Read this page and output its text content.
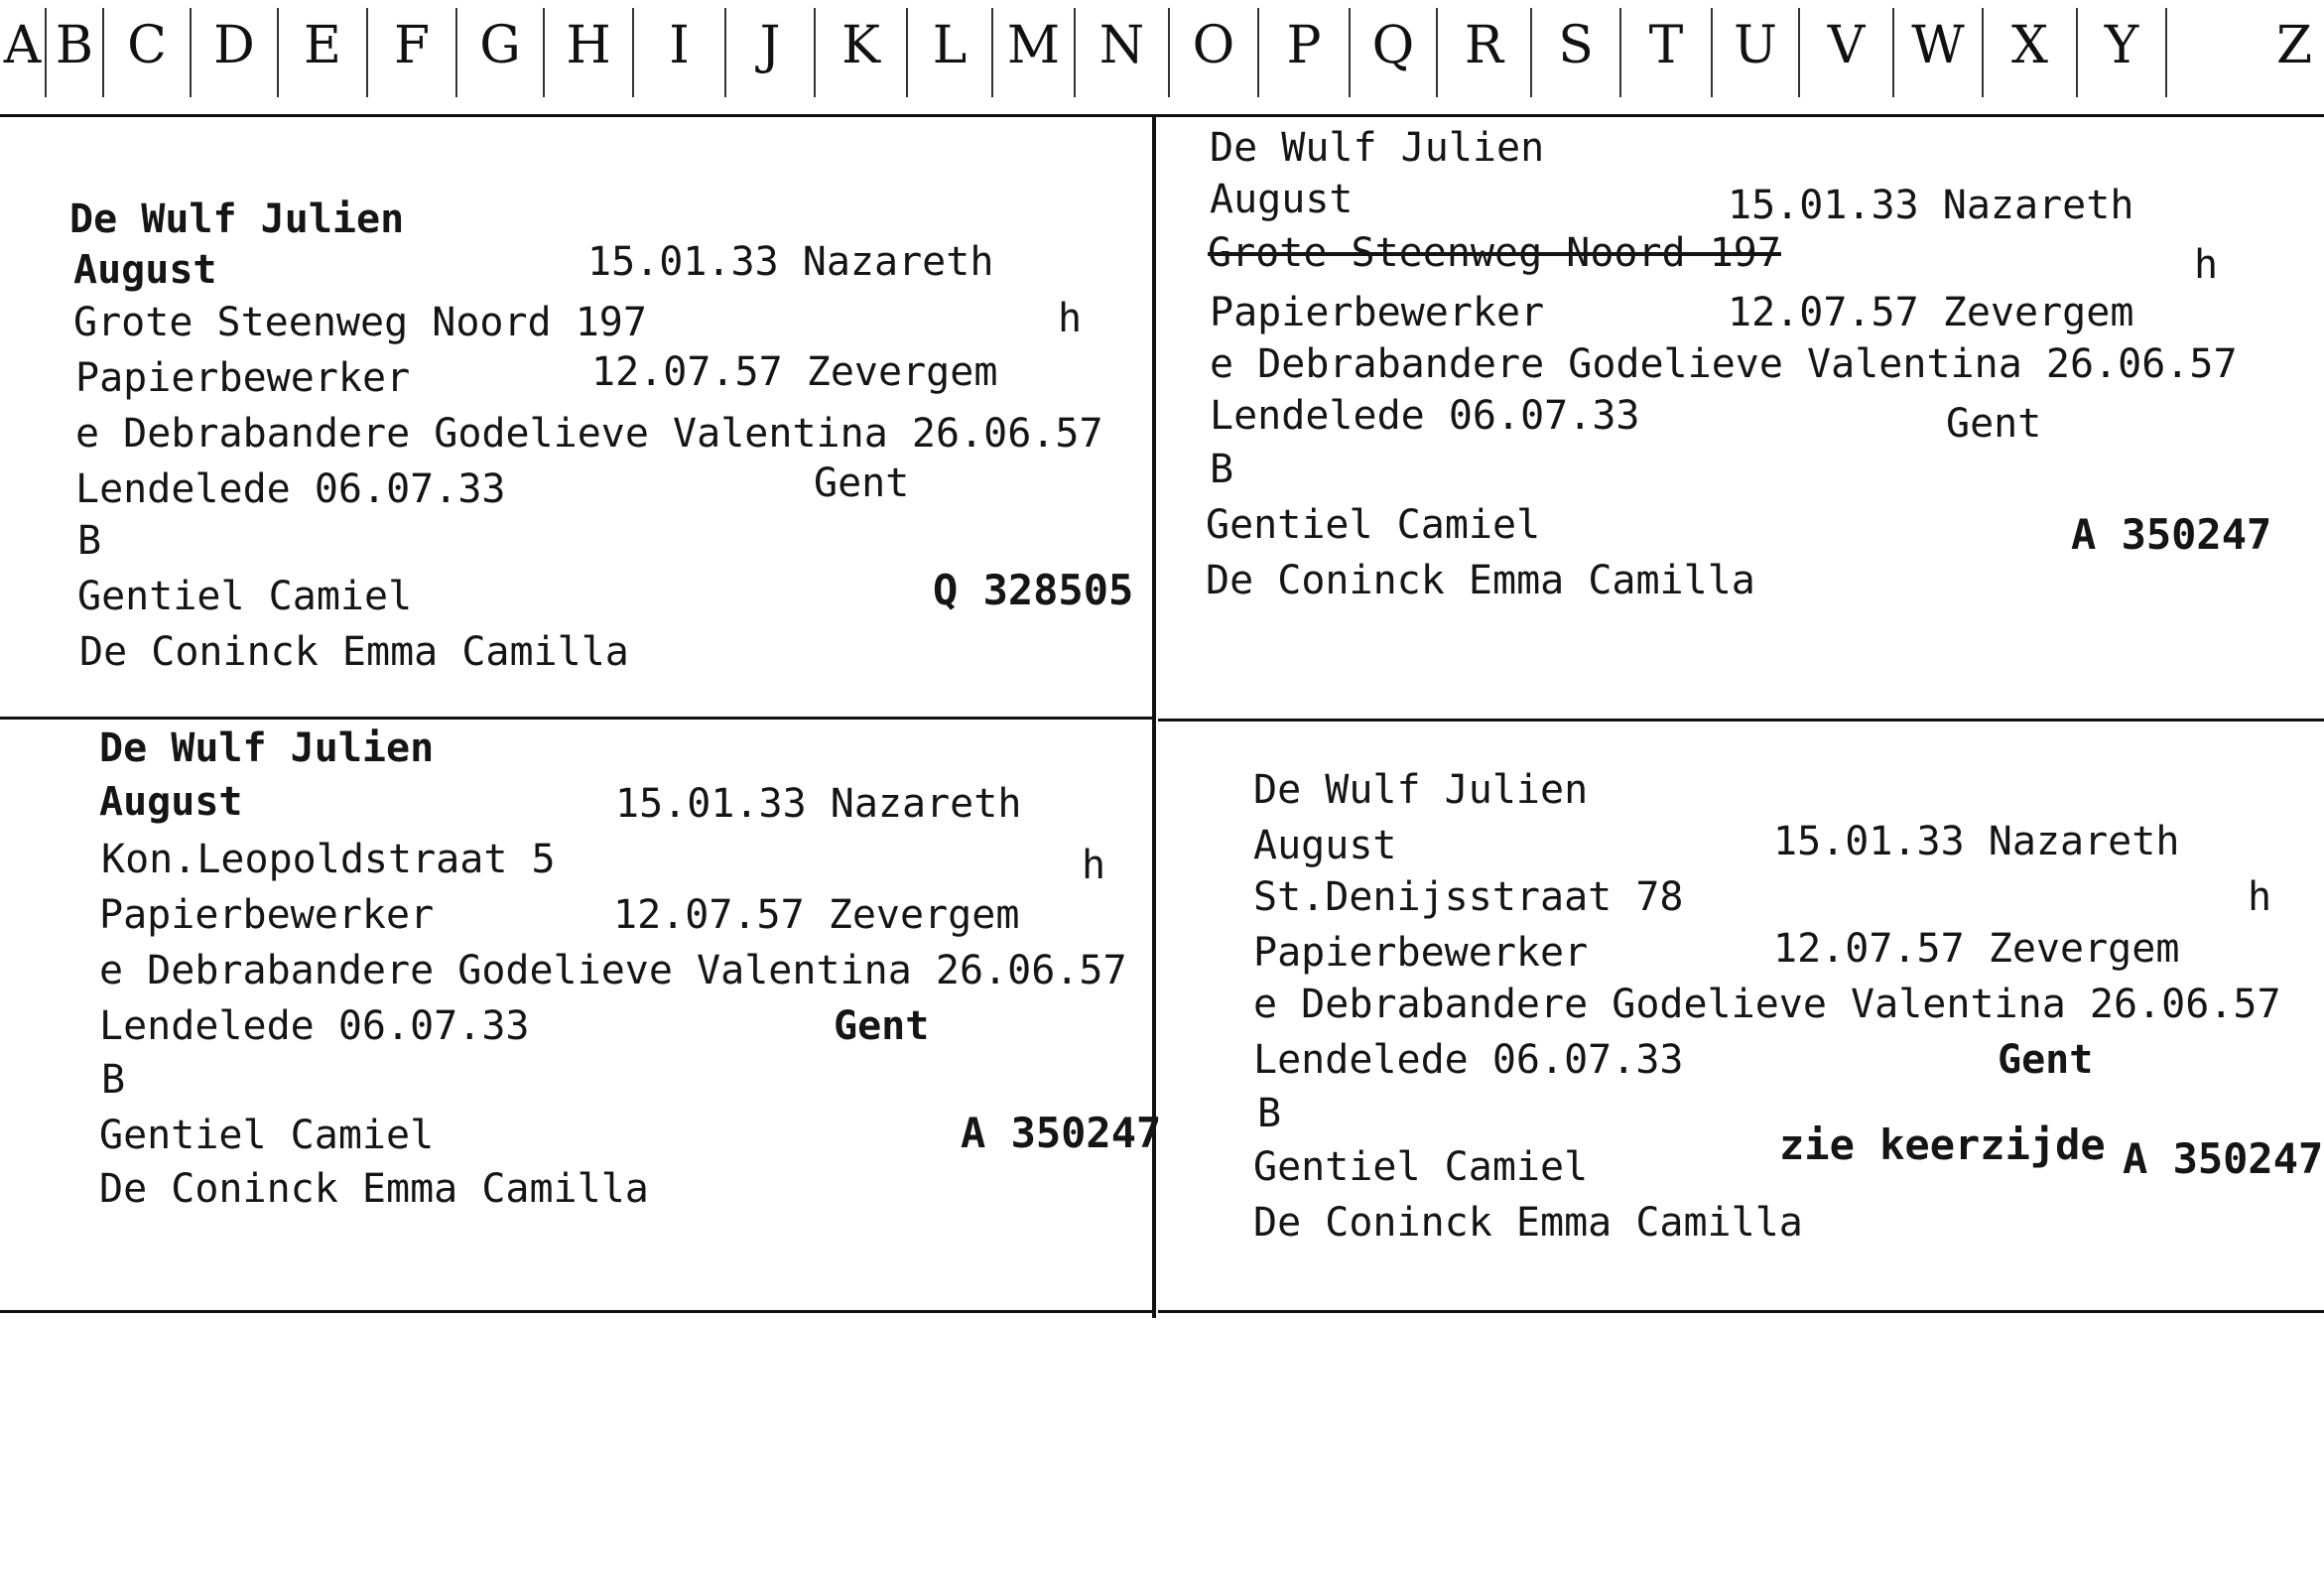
A B C D E	F G H	I	J	K	L M N O	P Q R	S	T U V W X	Y	Z

De Wulf Julien

August

	15.01.33 Nazareth

Grote Steenweg Noord 197

	h

Papierbewerker

	12.07.57 Zevergem

e Debrabandere Godelieve Valentina 26.06.57

Lendelede 06.07.33

	Gent

B

Gentiel Camiel

	Q 328505

De Coninck Emma Camilla

De Wulf Julien

August

	15.01.33 Nazareth

Grote Steenweg Noord 197

	h

Papierbewerker

	12.07.57 Zevergem

e Debrabandere Godelieve Valentina 26.06.57

Lendelede 06.07.33

	Gent

B

Gentiel Camiel

	A 350247

De Coninck Emma Camilla

De Wulf Julien

August

	15.01.33 Nazareth

Kon.Leopoldstraat 5

	h

Papierbewerker

	12.07.57 Zevergem

e Debrabandere Godelieve Valentina 26.06.57

Lendelede 06.07.33

	Gent

B

Gentiel Camiel

	A 350247

De Coninck Emma Camilla

De Wulf Julien

August

	15.01.33 Nazareth

St.Denijsstraat 78

	h

Papierbewerker

	12.07.57 Zevergem

e Debrabandere Godelieve Valentina 26.06.57

Lendelede 06.07.33

	Gent

B

Gentiel Camiel

	zie keerzijde

A 350247

De Coninck Emma Camilla
